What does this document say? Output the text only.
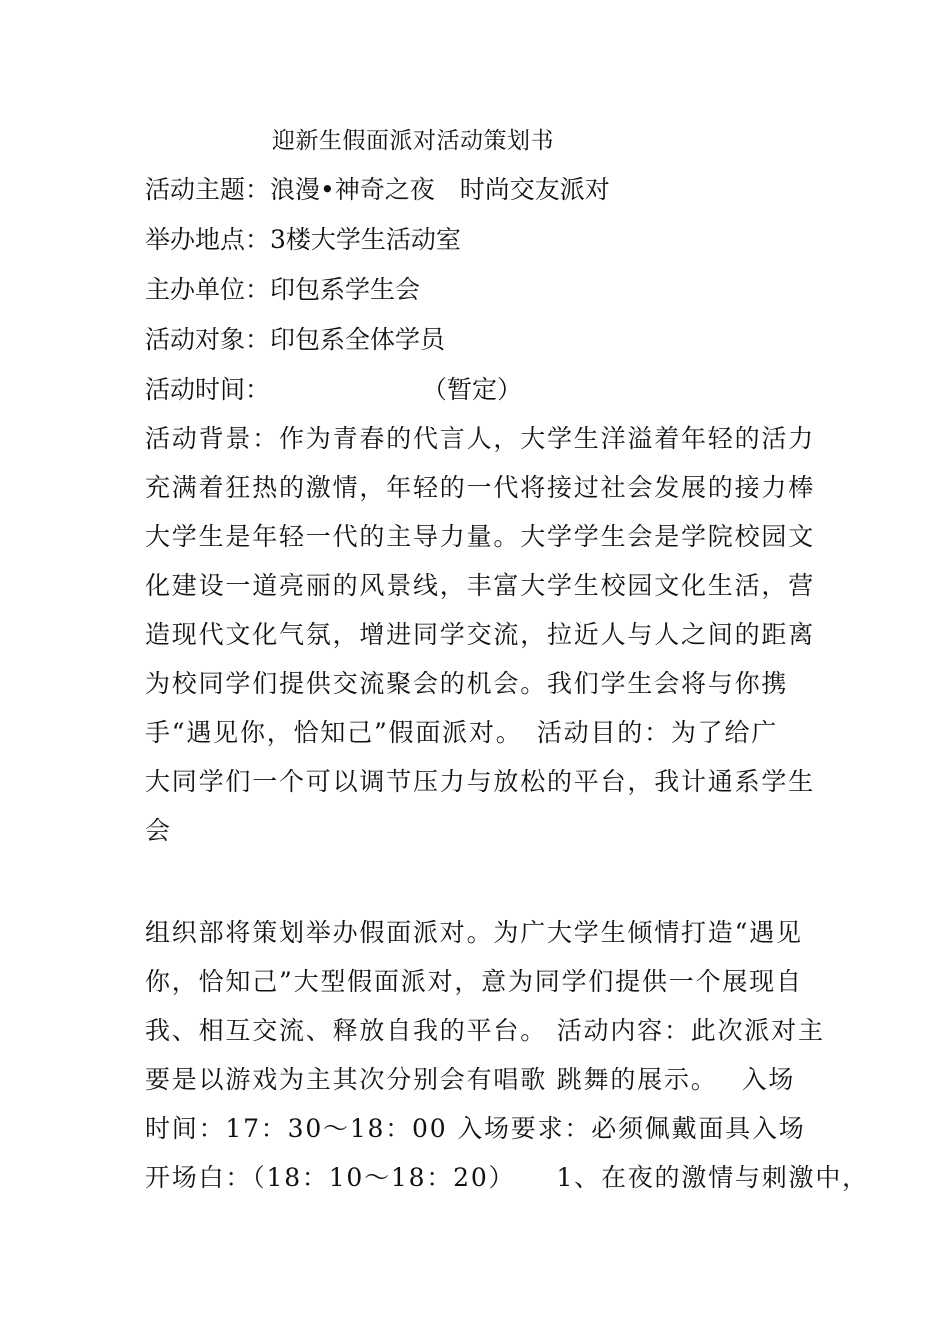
迎新生假面派对活动策划书
活动主题：浪漫•神奇之夜　时尚交友派对
举办地点：3楼大学生活动室
主办单位：印包系学生会
活动对象：印包系全体学员
活动时间：	（暂定）
活动背景：作为青春的代言人，大学生洋溢着年轻的活力
充满着狂热的激情，年轻的一代将接过社会发展的接力棒
大学生是年轻一代的主导力量。大学学生会是学院校园文
化建设一道亮丽的风景线，丰富大学生校园文化生活，营
造现代文化气氛，增进同学交流，拉近人与人之间的距离
为校同学们提供交流聚会的机会。我们学生会将与你携
手“遇见你，恰知己”假面派对。　活动目的：为了给广
大同学们一个可以调节压力与放松的平台，我计通系学生
会
组织部将策划举办假面派对。为广大学生倾情打造“遇见
你，恰知己”大型假面派对，意为同学们提供一个展现自
我、相互交流、释放自我的平台。 活动内容：此次派对主
要是以游戏为主其次分别会有唱歌 跳舞的展示。　 入场
时间：17：30～18：00 入场要求：必须佩戴面具入场
开场白：（18：10～18：20）　　1、在夜的激情与刺激中，
